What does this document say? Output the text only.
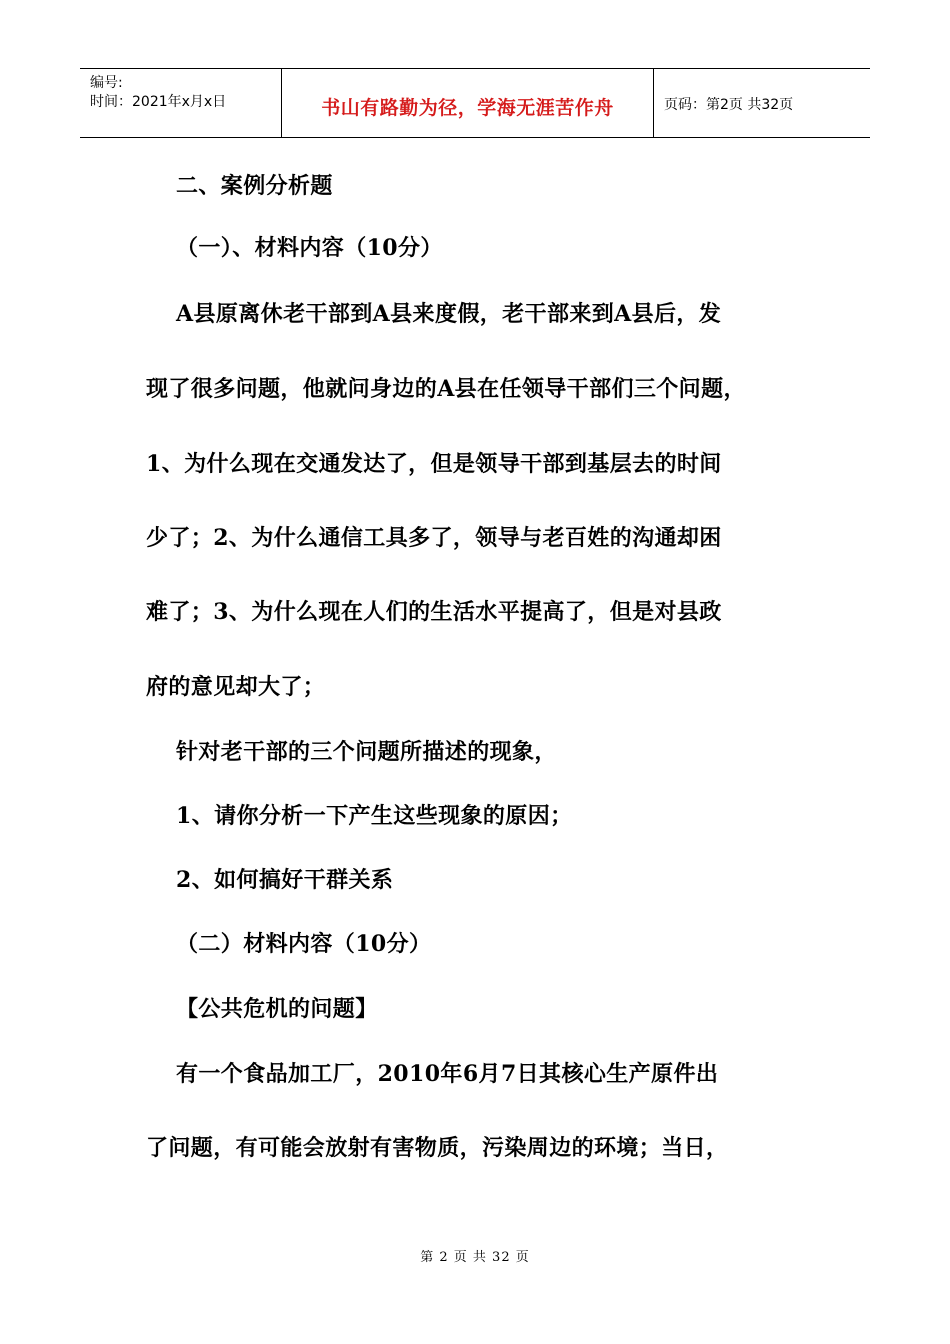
编号:
时间：2021年x月x日	书山有路勤为径，学海无涯苦作舟	页码：第2页 共32页
二、案例分析题
（一）、材料内容（10分）
A县原离休老干部到A县来度假，老干部来到A县后，发
现了很多问题，他就问身边的A县在任领导干部们三个问题，
1、为什么现在交通发达了，但是领导干部到基层去的时间
少了；2、为什么通信工具多了，领导与老百姓的沟通却困
难了；3、为什么现在人们的生活水平提高了，但是对县政
府的意见却大了；
针对老干部的三个问题所描述的现象，
1、请你分析一下产生这些现象的原因；
2、如何搞好干群关系
（二）材料内容（10分）
【公共危机的问题】
有一个食品加工厂，2010年6月7日其核心生产原件出
了问题，有可能会放射有害物质，污染周边的环境；当日，
第 2 页 共 32 页
